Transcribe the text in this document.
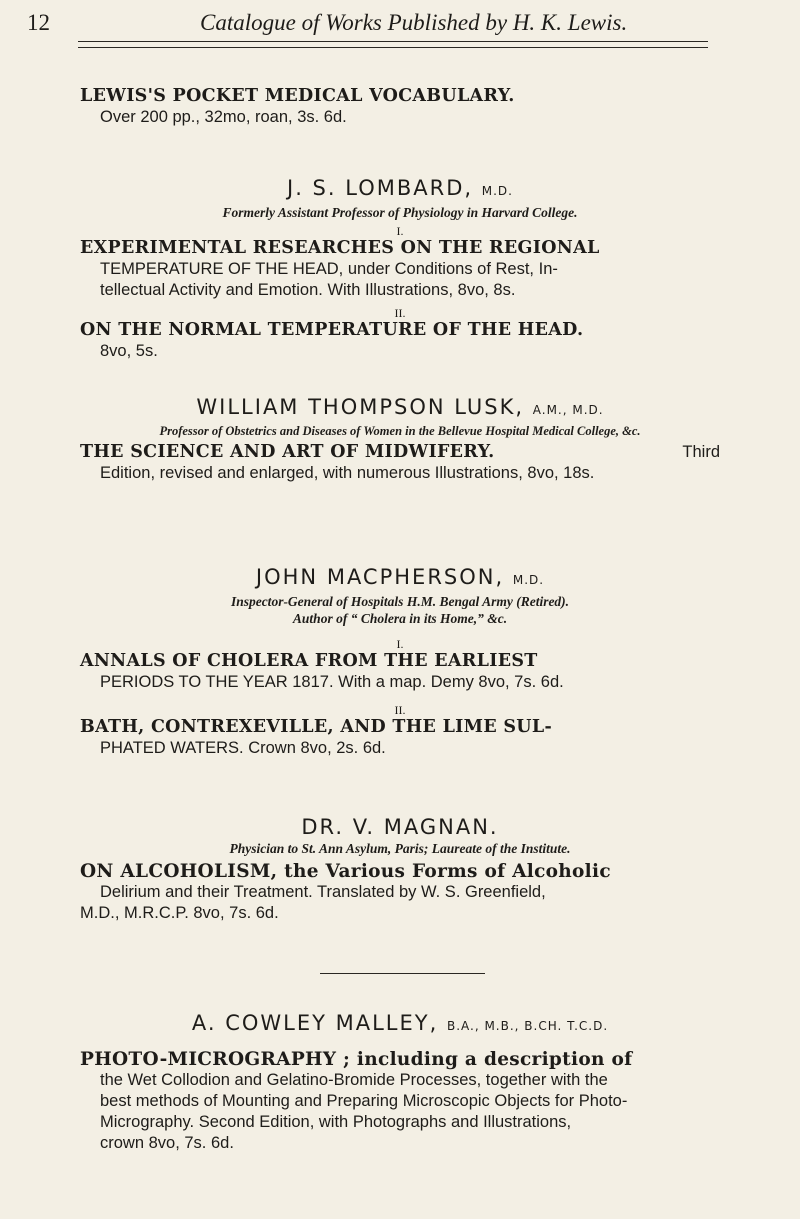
12	Catalogue of Works Published by H. K. Lewis.
LEWIS'S POCKET MEDICAL VOCABULARY.
Over 200 pp., 32mo, roan, 3s. 6d.
J. S. LOMBARD, M.D.
Formerly Assistant Professor of Physiology in Harvard College.
I.
EXPERIMENTAL RESEARCHES ON THE REGIONAL
TEMPERATURE OF THE HEAD, under Conditions of Rest, In-
tellectual Activity and Emotion. With Illustrations, 8vo, 8s.
II.
ON THE NORMAL TEMPERATURE OF THE HEAD.
8vo, 5s.
WILLIAM THOMPSON LUSK, A.M., M.D.
Professor of Obstetrics and Diseases of Women in the Bellevue Hospital Medical College, &c.
THE SCIENCE AND ART OF MIDWIFERY.	Third
Edition, revised and enlarged, with numerous Illustrations, 8vo, 18s.
JOHN MACPHERSON, M.D.
Inspector-General of Hospitals H.M. Bengal Army (Retired).
Author of “ Cholera in its Home,” &c.
I.
ANNALS OF CHOLERA FROM THE EARLIEST
PERIODS TO THE YEAR 1817. With a map. Demy 8vo, 7s. 6d.
II.
BATH, CONTREXEVILLE, AND THE LIME SUL-
PHATED WATERS. Crown 8vo, 2s. 6d.
DR. V. MAGNAN.
Physician to St. Ann Asylum, Paris; Laureate of the Institute.
ON ALCOHOLISM, the Various Forms of Alcoholic
Delirium and their Treatment. Translated by W. S. Greenfield,
M.D., M.R.C.P. 8vo, 7s. 6d.
A. COWLEY MALLEY, B.A., M.B., B.CH. T.C.D.
PHOTO-MICROGRAPHY ; including a description of
the Wet Collodion and Gelatino-Bromide Processes, together with the
best methods of Mounting and Preparing Microscopic Objects for Photo-
Micrography. Second Edition, with Photographs and Illustrations,
crown 8vo, 7s. 6d.
